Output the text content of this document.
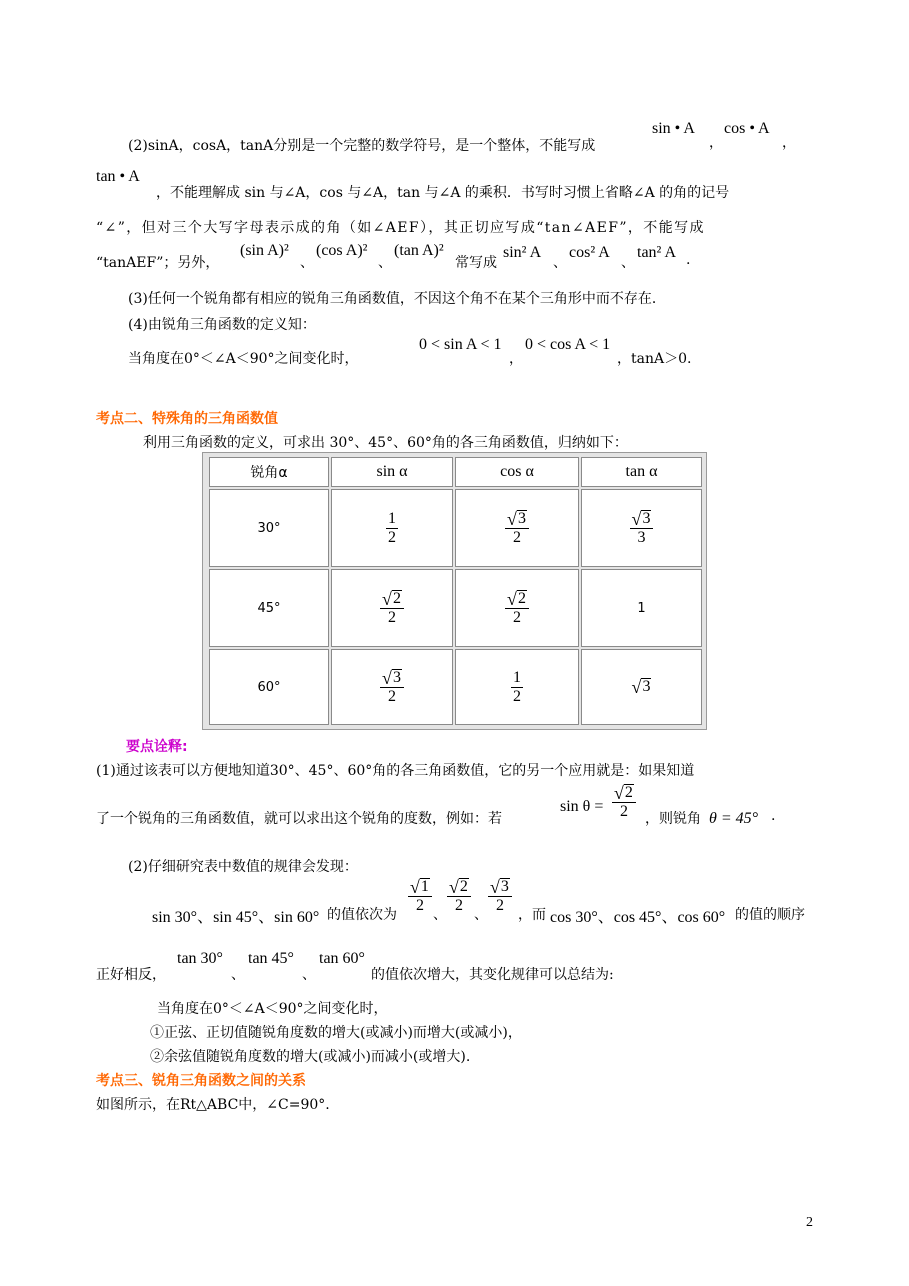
(2)sinA，cosA，tanA分别是一个完整的数学符号，是一个整体，不能写成
sin • A
，
cos • A
，
tan • A
，不能理解成 sin 与∠A，cos 与∠A，tan 与∠A 的乘积．书写时习惯上省略∠A 的角的记号
“∠”，但对三个大写字母表示成的角（如∠AEF），其正切应写成“tan∠AEF”，不能写成
“tanAEF”；另外，
(sin A)²
、
(cos A)²
、
(tan A)²
常写成
sin² A
、
cos² A
、
tan² A .
(3)任何一个锐角都有相应的锐角三角函数值，不因这个角不在某个三角形中而不存在．
(4)由锐角三角函数的定义知：
当角度在0°＜∠A＜90°之间变化时，
0 < sin A < 1
，
0 < cos A < 1
，tanA＞0.
考点二、特殊角的三角函数值
利用三角函数的定义，可求出 30°、45°、60°角的各三角函数值，归纳如下：
锐角α	sin α	cos α	tan α
30°	$\frac{1}{2}$	$\frac{√ 3}{2}$	$\frac{√ 3}{3}$
45°	$\frac{√ 2}{2}$	$\frac{√ 2}{2}$	1
60°	$\frac{√ 3}{2}$	$\frac{1}{2}$	√ 3
要点诠释:
(1)通过该表可以方便地知道30°、45°、60°角的各三角函数值，它的另一个应用就是：如果知道
了一个锐角的三角函数值，就可以求出这个锐角的度数，例如：若
$\sin \theta = \frac{√ 2}{2}$ ，则锐角 θ = 45° .
(2)仔细研究表中数值的规律会发现：
sin 30°、sin 45°、sin 60° 的值依次为 $\frac{√ 1}{2}$ 、 $\frac{√ 2}{2}$ 、 $\frac{√ 3}{2}$ ，而 cos 30°、cos 45°、cos 60° 的值的顺序
正好相反，
tan 30°
、
tan 45°
、
tan 60°
的值依次增大，其变化规律可以总结为:
当角度在0°＜∠A＜90°之间变化时，
①正弦、正切值随锐角度数的增大(或减小)而增大(或减小)，
②余弦值随锐角度数的增大(或减小)而减小(或增大).
考点三、锐角三角函数之间的关系
如图所示，在Rt△ABC中，∠C=90°.
2
